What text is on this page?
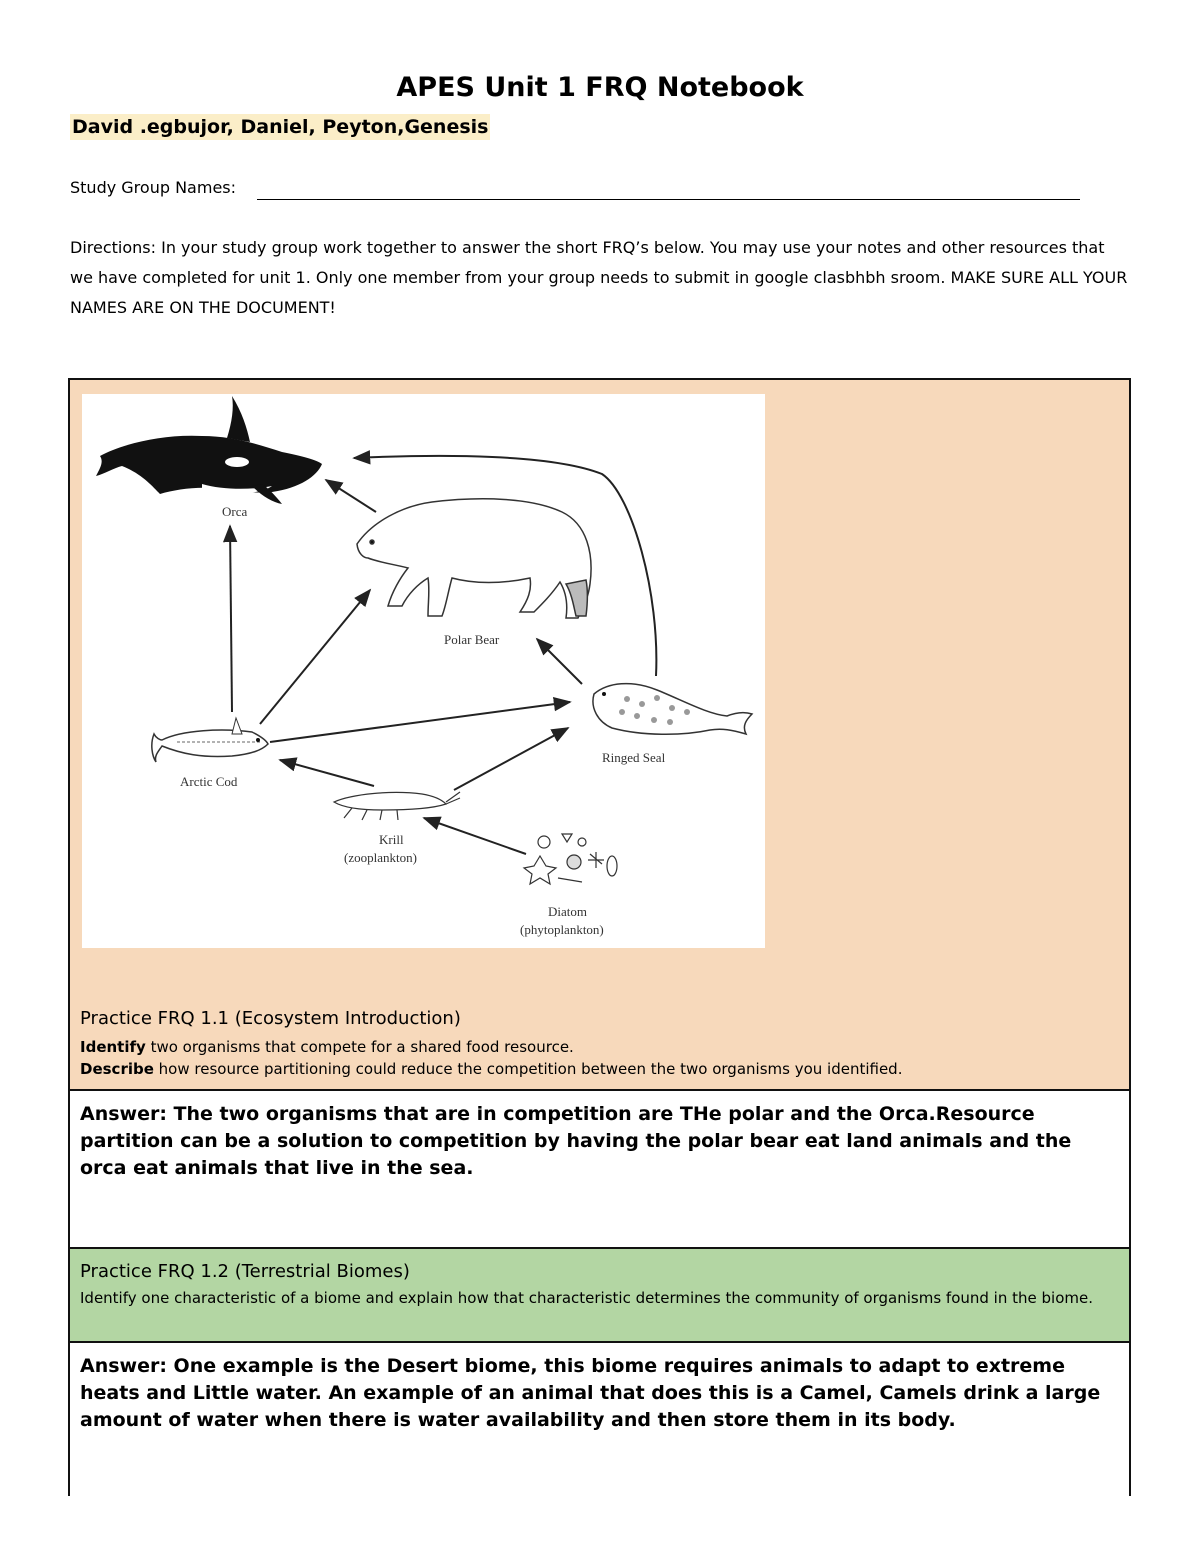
APES Unit 1 FRQ Notebook
David .egbujor, Daniel, Peyton,Genesis
Study Group Names:
Directions: In your study group work together to answer the short FRQ’s below. You may use your notes and other resources that we have completed for unit 1. Only one member from your group needs to submit in google clasbhbh sroom. MAKE SURE ALL YOUR NAMES ARE ON THE DOCUMENT!
Orca
Polar Bear
Ringed Seal
Arctic Cod
Krill
(zooplankton)
Diatom
(phytoplankton)
Practice FRQ 1.1 (Ecosystem Introduction)
Identify two organisms that compete for a shared food resource.
Describe how resource partitioning could reduce the competition between the two organisms you identified.
Answer: The two organisms that are in competition are THe polar and the Orca.Resource partition can be a solution to competition by having the polar bear eat land animals and the orca eat animals that live in the sea.
Practice FRQ 1.2 (Terrestrial Biomes)
Identify one characteristic of a biome and explain how that characteristic determines the community of organisms found in the biome.
Answer: One example is the Desert biome, this biome requires animals to adapt to extreme heats and Little water. An example of an animal that does this is a Camel, Camels drink a large amount of water when there is water availability and then store them in its body.
